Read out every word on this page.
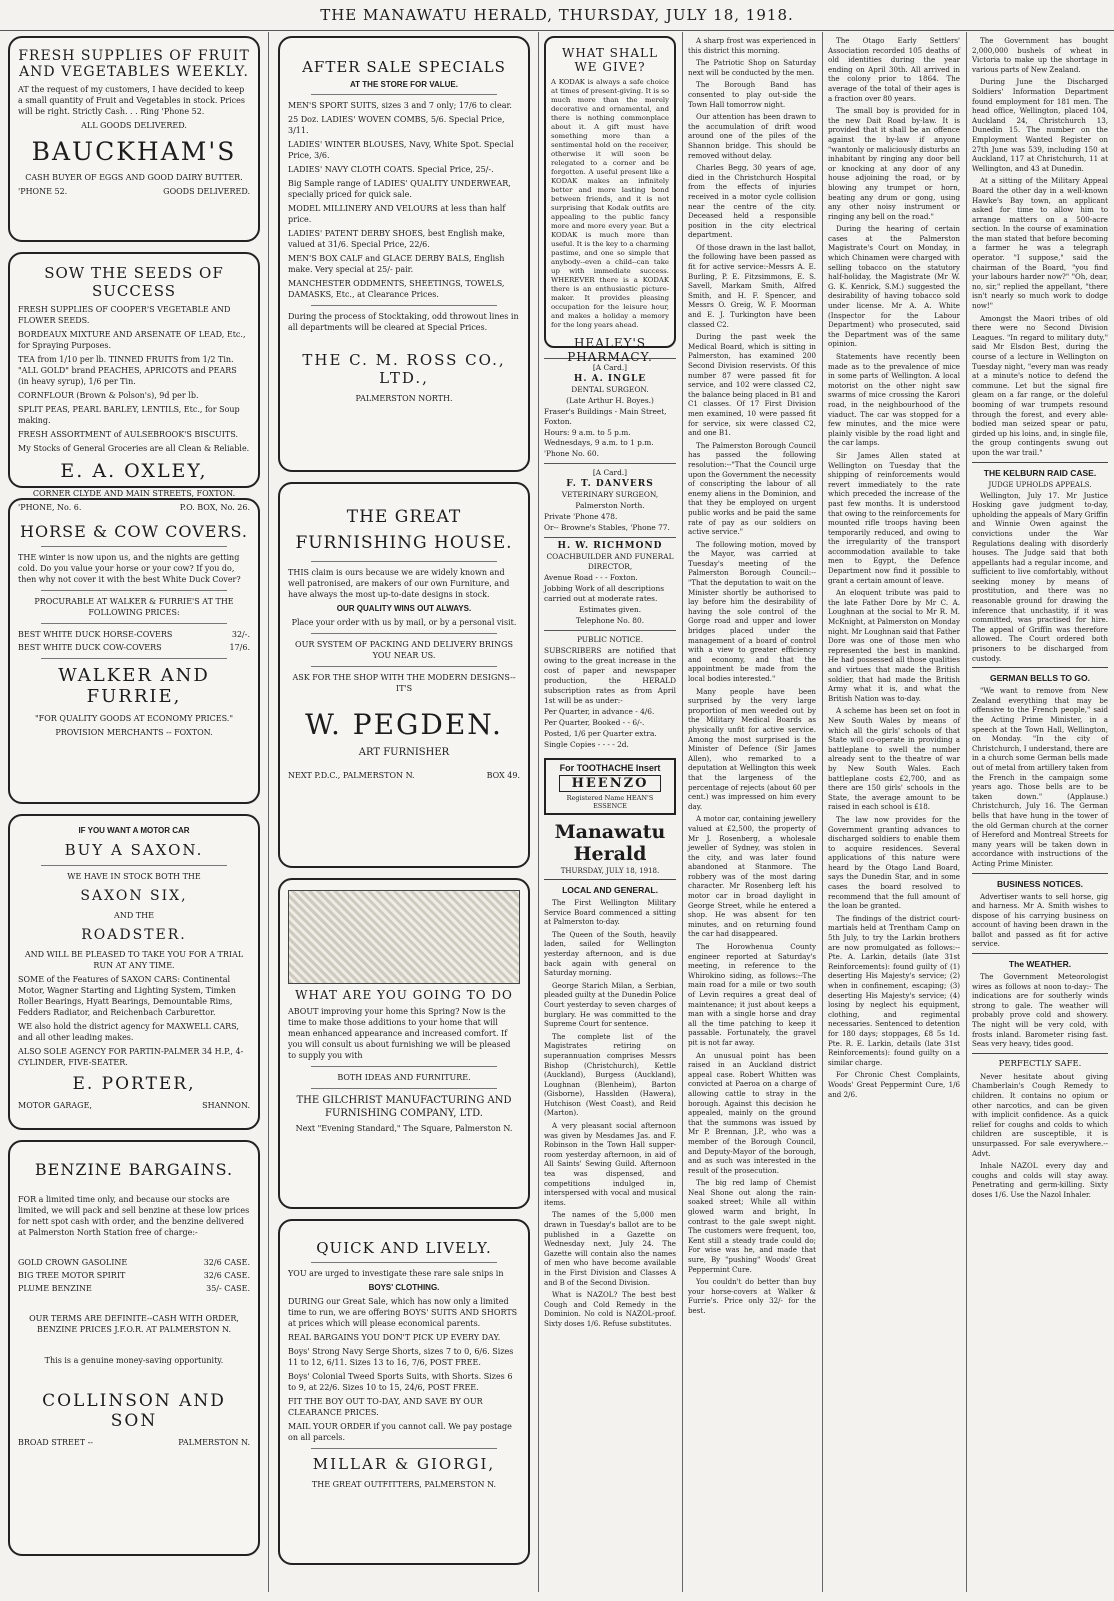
THE MANAWATU HERALD, THURSDAY, JULY 18, 1918.
FRESH SUPPLIES OF FRUIT AND VEGETABLES WEEKLY.

AT the request of my customers, I have decided to keep a small quantity of Fruit and Vegetables in stock. Prices will be right. Strictly Cash. . . Ring 'Phone 52.

ALL GOODS DELIVERED.

BAUCKHAM'S

CASH BUYER OF EGGS AND GOOD DAIRY BUTTER.

'PHONE 52.	GOODS DELIVERED.
SOW THE SEEDS OF SUCCESS

FRESH SUPPLIES OF COOPER'S VEGETABLE AND FLOWER SEEDS.

BORDEAUX MIXTURE AND ARSENATE OF LEAD, Etc., for Spraying Purposes.

TEA from 1/10 per lb. TINNED FRUITS from 1/2 Tin. "ALL GOLD" brand PEACHES, APRICOTS and PEARS (in heavy syrup), 1/6 per Tin.

CORNFLOUR (Brown & Polson's), 9d per lb.

SPLIT PEAS, PEARL BARLEY, LENTILS, Etc., for Soup making.

FRESH ASSORTMENT of AULSEBROOK'S BISCUITS.

My Stocks of General Groceries are all Clean & Reliable.

E. A. OXLEY,

CORNER CLYDE AND MAIN STREETS, FOXTON.

'PHONE, No. 6.	P.O. BOX, No. 26.
HORSE & COW COVERS.

THE winter is now upon us, and the nights are getting cold. Do you value your horse or your cow? If you do, then why not cover it with the best White Duck Cover?

PROCURABLE AT WALKER & FURRIE'S AT THE FOLLOWING PRICES:

BEST WHITE DUCK HORSE-COVERS	32/-.
BEST WHITE DUCK COW-COVERS	17/6.
WALKER AND FURRIE,

"FOR QUALITY GOODS AT ECONOMY PRICES."

PROVISION MERCHANTS -- FOXTON.

IF YOU WANT A MOTOR CAR
BUY A SAXON.

WE HAVE IN STOCK BOTH THE

SAXON SIX,

AND THE

ROADSTER.

AND WILL BE PLEASED TO TAKE YOU FOR A TRIAL RUN AT ANY TIME.

SOME of the Features of SAXON CARS: Continental Motor, Wagner Starting and Lighting System, Timken Roller Bearings, Hyatt Bearings, Demountable Rims, Fedders Radiator, and Reichenbach Carburettor.

WE also hold the district agency for MAXWELL CARS, and all other leading makes.

ALSO SOLE AGENCY FOR PARTIN-PALMER 34 H.P., 4-CYLINDER, FIVE-SEATER.

E. PORTER,
MOTOR GARAGE,	SHANNON.
BENZINE BARGAINS.

FOR a limited time only, and because our stocks are limited, we will pack and sell benzine at these low prices for nett spot cash with order, and the benzine delivered at Palmerston North Station free of charge:-

GOLD CROWN GASOLINE	32/6 CASE.
BIG TREE MOTOR SPIRIT	32/6 CASE.
PLUME BENZINE	35/- CASE.

OUR TERMS ARE DEFINITE--CASH WITH ORDER, BENZINE PRICES J.F.O.R. AT PALMERSTON N.

This is a genuine money-saving opportunity.

COLLINSON AND SON
BROAD STREET --	PALMERSTON N.
AFTER SALE SPECIALS
AT THE STORE FOR VALUE.

MEN'S SPORT SUITS, sizes 3 and 7 only; 17/6 to clear.

25 Doz. LADIES' WOVEN COMBS, 5/6. Special Price, 3/11.

LADIES' WINTER BLOUSES, Navy, White Spot. Special Price, 3/6.

LADIES' NAVY CLOTH COATS. Special Price, 25/-.

Big Sample range of LADIES' QUALITY UNDERWEAR, specially priced for quick sale.

MODEL MILLINERY AND VELOURS at less than half price.

LADIES' PATENT DERBY SHOES, best English make, valued at 31/6. Special Price, 22/6.

MEN'S BOX CALF and GLACE DERBY BALS, English make. Very special at 25/- pair.

MANCHESTER ODDMENTS, SHEETINGS, TOWELS, DAMASKS, Etc., at Clearance Prices.

During the process of Stocktaking, odd throwout lines in all departments will be cleared at Special Prices.

THE C. M. ROSS CO., LTD.,

PALMERSTON NORTH.

THE GREAT FURNISHING HOUSE.

THIS claim is ours because we are widely known and well patronised, are makers of our own Furniture, and have always the most up-to-date designs in stock.

OUR QUALITY WINS OUT ALWAYS.

Place your order with us by mail, or by a personal visit.

OUR SYSTEM OF PACKING AND DELIVERY BRINGS YOU NEAR US.

ASK FOR THE SHOP WITH THE MODERN DESIGNS--IT'S

W. PEGDEN.

ART FURNISHER

NEXT P.D.C., PALMERSTON N.	BOX 49.
WHAT ARE YOU GOING TO DO

ABOUT improving your home this Spring? Now is the time to make those additions to your home that will mean enhanced appearance and increased comfort. If you will consult us about furnishing we will be pleased to supply you with

BOTH IDEAS AND FURNITURE.

THE GILCHRIST MANUFACTURING AND FURNISHING COMPANY, LTD.

Next "Evening Standard," The Square, Palmerston N.

QUICK AND LIVELY.

YOU are urged to investigate these rare sale snips in

BOYS' CLOTHING.

DURING our Great Sale, which has now only a limited time to run, we are offering BOYS' SUITS AND SHORTS at prices which will please economical parents.

REAL BARGAINS YOU DON'T PICK UP EVERY DAY.

Boys' Strong Navy Serge Shorts, sizes 7 to 0, 6/6. Sizes 11 to 12, 6/11. Sizes 13 to 16, 7/6, POST FREE.

Boys' Colonial Tweed Sports Suits, with Shorts. Sizes 6 to 9, at 22/6. Sizes 10 to 15, 24/6, POST FREE.

FIT THE BOY OUT TO-DAY, AND SAVE BY OUR CLEARANCE PRICES.

MAIL YOUR ORDER if you cannot call. We pay postage on all parcels.

MILLAR & GIORGI,

THE GREAT OUTFITTERS, PALMERSTON N.

WHAT SHALL WE GIVE?

A KODAK is always a safe choice at times of present-giving. It is so much more than the merely decorative and ornamental, and there is nothing commonplace about it. A gift must have something more than a sentimental hold on the receiver, otherwise it will soon be relegated to a corner and be forgotten. A useful present like a KODAK makes an infinitely better and more lasting bond between friends, and it is not surprising that Kodak outfits are appealing to the public fancy more and more every year. But a KODAK is much more than useful. It is the key to a charming pastime, and one so simple that anybody--even a child--can take up with immediate success. WHEREVER there is a KODAK there is an enthusiastic picture-maker. It provides pleasing occupation for the leisure hour, and makes a holiday a memory for the long years ahead.

HEALEY'S PHARMACY.

[A Card.]

H. A. INGLE

DENTAL SURGEON.

(Late Arthur H. Boyes.)

Fraser's Buildings - Main Street, Foxton.

Hours: 9 a.m. to 5 p.m. Wednesdays, 9 a.m. to 1 p.m.

'Phone No. 60.

[A Card.]

F. T. DANVERS

VETERINARY SURGEON,

Palmerston North.

Private 'Phone 478.

Or-- Browne's Stables, 'Phone 77.

H. W. RICHMOND

COACHBUILDER AND FUNERAL DIRECTOR,

Avenue Road - - - Foxton.

Jobbing Work of all descriptions carried out at moderate rates.

Estimates given.

Telephone No. 80.

PUBLIC NOTICE.

SUBSCRIBERS are notified that owing to the great increase in the cost of paper and newspaper production, the HERALD subscription rates as from April 1st will be as under:-

Per Quarter, in advance - 4/6.

Per Quarter, Booked - - 6/-.

Posted, 1/6 per Quarter extra.

Single Copies - - - - 2d.

For TOOTHACHE Insert
HEENZO
Registered Name HEAN'S ESSENCE
Manawatu Herald
THURSDAY, JULY 18, 1918.
LOCAL AND GENERAL.

The First Wellington Military Service Board commenced a sitting at Palmerston to-day.

The Queen of the South, heavily laden, sailed for Wellington yesterday afternoon, and is due back again with general on Saturday morning.

George Starich Milan, a Serbian, pleaded guilty at the Dunedin Police Court yesterday to seven charges of burglary. He was committed to the Supreme Court for sentence.

The complete list of the Magistrates retiring on superannuation comprises Messrs Bishop (Christchurch), Kettle (Auckland), Burgess (Auckland), Loughnan (Blenheim), Barton (Gisborne), Hasslden (Hawera), Hutchison (West Coast), and Reid (Marton).

A very pleasant social afternoon was given by Mesdames Jas. and F. Robinson in the Town Hall supper-room yesterday afternoon, in aid of All Saints' Sewing Guild. Afternoon tea was dispensed, and competitions indulged in, interspersed with vocal and musical items.

The names of the 5,000 men drawn in Tuesday's ballot are to be published in a Gazette on Wednesday next, July 24. The Gazette will contain also the names of men who have become available in the First Division and Classes A and B of the Second Division.

What is NAZOL? The best best Cough and Cold Remedy in the Dominion. No cold is NAZOL-proof. Sixty doses 1/6. Refuse substitutes.

A sharp frost was experienced in this district this morning.

The Patriotic Shop on Saturday next will be conducted by the men.

The Borough Band has consented to play out-side the Town Hall tomorrow night.

Our attention has been drawn to the accumulation of drift wood around one of the piles of the Shannon bridge. This should be removed without delay.

Charles Begg, 30 years of age, died in the Christchurch Hospital from the effects of injuries received in a motor cycle collision near the centre of the city. Deceased held a responsible position in the city electrical department.

Of those drawn in the last ballot, the following have been passed as fit for active service:-Messrs A. E. Burling, P. E. Fitzsimmons, E. S. Savell, Markam Smith, Alfred Smith, and H. F. Spencer, and Messrs O. Greig, W. F. Moorman and E. J. Turkington have been classed C2.

During the past week the Medical Board, which is sitting in Palmerston, has examined 200 Second Division reservists. Of this number 87 were passed fit for service, and 102 were classed C2, the balance being placed in B1 and C1 classes. Of 17 First Division men examined, 10 were passed fit for service, six were classed C2, and one B1.

The Palmerston Borough Council has passed the following resolution:--"That the Council urge upon the Government the necessity of conscripting the labour of all enemy aliens in the Dominion, and that they be employed on urgent public works and be paid the same rate of pay as our soldiers on active service."

The following motion, moved by the Mayor, was carried at Tuesday's meeting of the Palmerston Borough Council:--"That the deputation to wait on the Minister shortly be authorised to lay before him the desirability of having the sole control of the Gorge road and upper and lower bridges placed under the management of a board of control with a view to greater efficiency and economy, and that the appointment be made from the local bodies interested."

Many people have been surprised by the very large proportion of men weeded out by the Military Medical Boards as physically unfit for active service. Among the most surprised is the Minister of Defence (Sir James Allen), who remarked to a deputation at Wellington this week that the largeness of the percentage of rejects (about 60 per cent.) was impressed on him every day.

A motor car, containing jewellery valued at £2,500, the property of Mr J. Rosenberg, a wholesale jeweller of Sydney, was stolen in the city, and was later found abandoned at Stanmore. The robbery was of the most daring character. Mr Rosenberg left his motor car in broad daylight in George Street, while he entered a shop. He was absent for ten minutes, and on returning found the car had disappeared.

The Horowhenua County engineer reported at Saturday's meeting, in reference to the Whirokino siding, as follows:--The main road for a mile or two south of Levin requires a great deal of maintenance; it just about keeps a man with a single horse and dray all the time patching to keep it passable. Fortunately, the gravel pit is not far away.

An unusual point has been raised in an Auckland district appeal case. Robert Whitten was convicted at Paeroa on a charge of allowing cattle to stray in the borough. Against this decision he appealed, mainly on the ground that the summons was issued by Mr P. Brennan, J.P., who was a member of the Borough Council, and Deputy-Mayor of the borough, and as such was interested in the result of the prosecution.

The big red lamp of Chemist Neal Shone out along the rain-soaked street; While all within glowed warm and bright, In contrast to the gale swept night. The customers were frequent, too, Kent still a steady trade could do; For wise was he, and made that sure, By "pushing" Woods' Great Peppermint Cure.

You couldn't do better than buy your horse-covers at Walker & Furrie's. Price only 32/- for the best.

The Otago Early Settlers' Association recorded 105 deaths of old identities during the year ending on April 30th. All arrived in the colony prior to 1864. The average of the total of their ages is a fraction over 80 years.

The small boy is provided for in the new Dait Road by-law. It is provided that it shall be an offence against the by-law if anyone "wantonly or maliciously disturbs an inhabitant by ringing any door bell or knocking at any door of any house adjoining the road, or by blowing any trumpet or horn, beating any drum or gong, using any other noisy instrument or ringing any bell on the road."

During the hearing of certain cases at the Palmerston Magistrate's Court on Monday, in which Chinamen were charged with selling tobacco on the statutory half-holiday, the Magistrate (Mr W. G. K. Kenrick, S.M.) suggested the desirability of having tobacco sold under license. Mr A. A. White (Inspector for the Labour Department) who prosecuted, said the Department was of the same opinion.

Statements have recently been made as to the prevalence of mice in some parts of Wellington. A local motorist on the other night saw swarms of mice crossing the Karori road, in the neighbourhood of the viaduct. The car was stopped for a few minutes, and the mice were plainly visible by the road light and the car lamps.

Sir James Allen stated at Wellington on Tuesday that the shipping of reinforcements would revert immediately to the rate which preceded the increase of the past few months. It is understood that owing to the reinforcements for mounted rifle troops having been temporarily reduced, and owing to the irregularity of the transport accommodation available to take men to Egypt, the Defence Department now find it possible to grant a certain amount of leave.

An eloquent tribute was paid to the late Father Dore by Mr C. A. Loughnan at the social to Mr R. M. McKnight, at Palmerston on Monday night. Mr Loughnan said that Father Dore was one of those men who represented the best in mankind. He had possessed all those qualities and virtues that made the British soldier, that had made the British Army what it is, and what the British Nation was to-day.

A scheme has been set on foot in New South Wales by means of which all the girls' schools of that State will co-operate in providing a battleplane to swell the number already sent to the theatre of war by New South Wales. Each battleplane costs £2,700, and as there are 150 girls' schools in the State, the average amount to be raised in each school is £18.

The law now provides for the Government granting advances to discharged soldiers to enable them to acquire residences. Several applications of this nature were heard by the Otago Land Board, says the Dunedin Star, and in some cases the board resolved to recommend that the full amount of the loan be granted.

The findings of the district court-martials held at Trentham Camp on 5th July, to try the Larkin brothers are now promulgated as follows:--Pte. A. Larkin, details (late 31st Reinforcements): found guilty of (1) deserting His Majesty's service; (2) when in confinement, escaping; (3) deserting His Majesty's service; (4) losing by neglect his equipment, clothing, and regimental necessaries. Sentenced to detention for 180 days; stoppages, £8 5s 1d. Pte. R. E. Larkin, details (late 31st Reinforcements): found guilty on a similar charge.

For Chronic Chest Complaints, Woods' Great Peppermint Cure, 1/6 and 2/6.

The Government has bought 2,000,000 bushels of wheat in Victoria to make up the shortage in various parts of New Zealand.

During June the Discharged Soldiers' Information Department found employment for 181 men. The head office, Wellington, placed 104, Auckland 24, Christchurch 13, Dunedin 15. The number on the Employment Wanted Register on 27th June was 539, including 150 at Auckland, 117 at Christchurch, 11 at Wellington, and 43 at Dunedin.

At a sitting of the Military Appeal Board the other day in a well-known Hawke's Bay town, an applicant asked for time to allow him to arrange matters on a 500-acre section. In the course of examination the man stated that before becoming a farmer he was a telegraph operator. "I suppose," said the chairman of the Board, "you find your labours harder now?" "Oh, dear, no, sir," replied the appellant, "there isn't nearly so much work to dodge now!"

Amongst the Maori tribes of old there were no Second Division Leagues. "In regard to military duty," said Mr Elsdon Best, during the course of a lecture in Wellington on Tuesday night, "every man was ready at a minute's notice to defend the commune. Let but the signal fire gleam on a far range, or the doleful booming of war trumpets resound through the forest, and every able-bodied man seized spear or patu, girded up his loins, and, in single file, the group contingents swung out upon the war trail."

THE KELBURN RAID CASE.
JUDGE UPHOLDS APPEALS.

Wellington, July 17. Mr Justice Hosking gave judgment to-day, upholding the appeals of Mary Griffin and Winnie Owen against the convictions under the War Regulations dealing with disorderly houses. The Judge said that both appellants had a regular income, and sufficient to live comfortably, without seeking money by means of prostitution, and there was no reasonable ground for drawing the inference that unchastity, if it was committed, was practised for hire. The appeal of Griffin was therefore allowed. The Court ordered both prisoners to be discharged from custody.

GERMAN BELLS TO GO.

"We want to remove from New Zealand everything that may be offensive to the French people," said the Acting Prime Minister, in a speech at the Town Hall, Wellington, on Monday. "In the city of Christchurch, I understand, there are in a church some German bells made out of metal from artillery taken from the French in the campaign some years ago. Those bells are to be taken down." (Applause.) Christchurch, July 16. The German bells that have hung in the tower of the old German church at the corner of Hereford and Montreal Streets for many years will be taken down in accordance with instructions of the Acting Prime Minister.

BUSINESS NOTICES.

Advertiser wants to sell horse, gig and harness. Mr A. Smith wishes to dispose of his carrying business on account of having been drawn in the ballot and passed as fit for active service.

The WEATHER.

The Government Meteorologist wires as follows at noon to-day:- The indications are for southerly winds strong to gale. The weather will probably prove cold and showery. The night will be very cold, with frosts inland. Barometer rising fast. Seas very heavy, tides good.

PERFECTLY SAFE.

Never hesitate about giving Chamberlain's Cough Remedy to children. It contains no opium or other narcotics, and can be given with implicit confidence. As a quick relief for coughs and colds to which children are susceptible, it is unsurpassed. For sale everywhere.--Advt.

Inhale NAZOL every day and coughs and colds will stay away. Penetrating and germ-killing. Sixty doses 1/6. Use the Nazol Inhaler.
